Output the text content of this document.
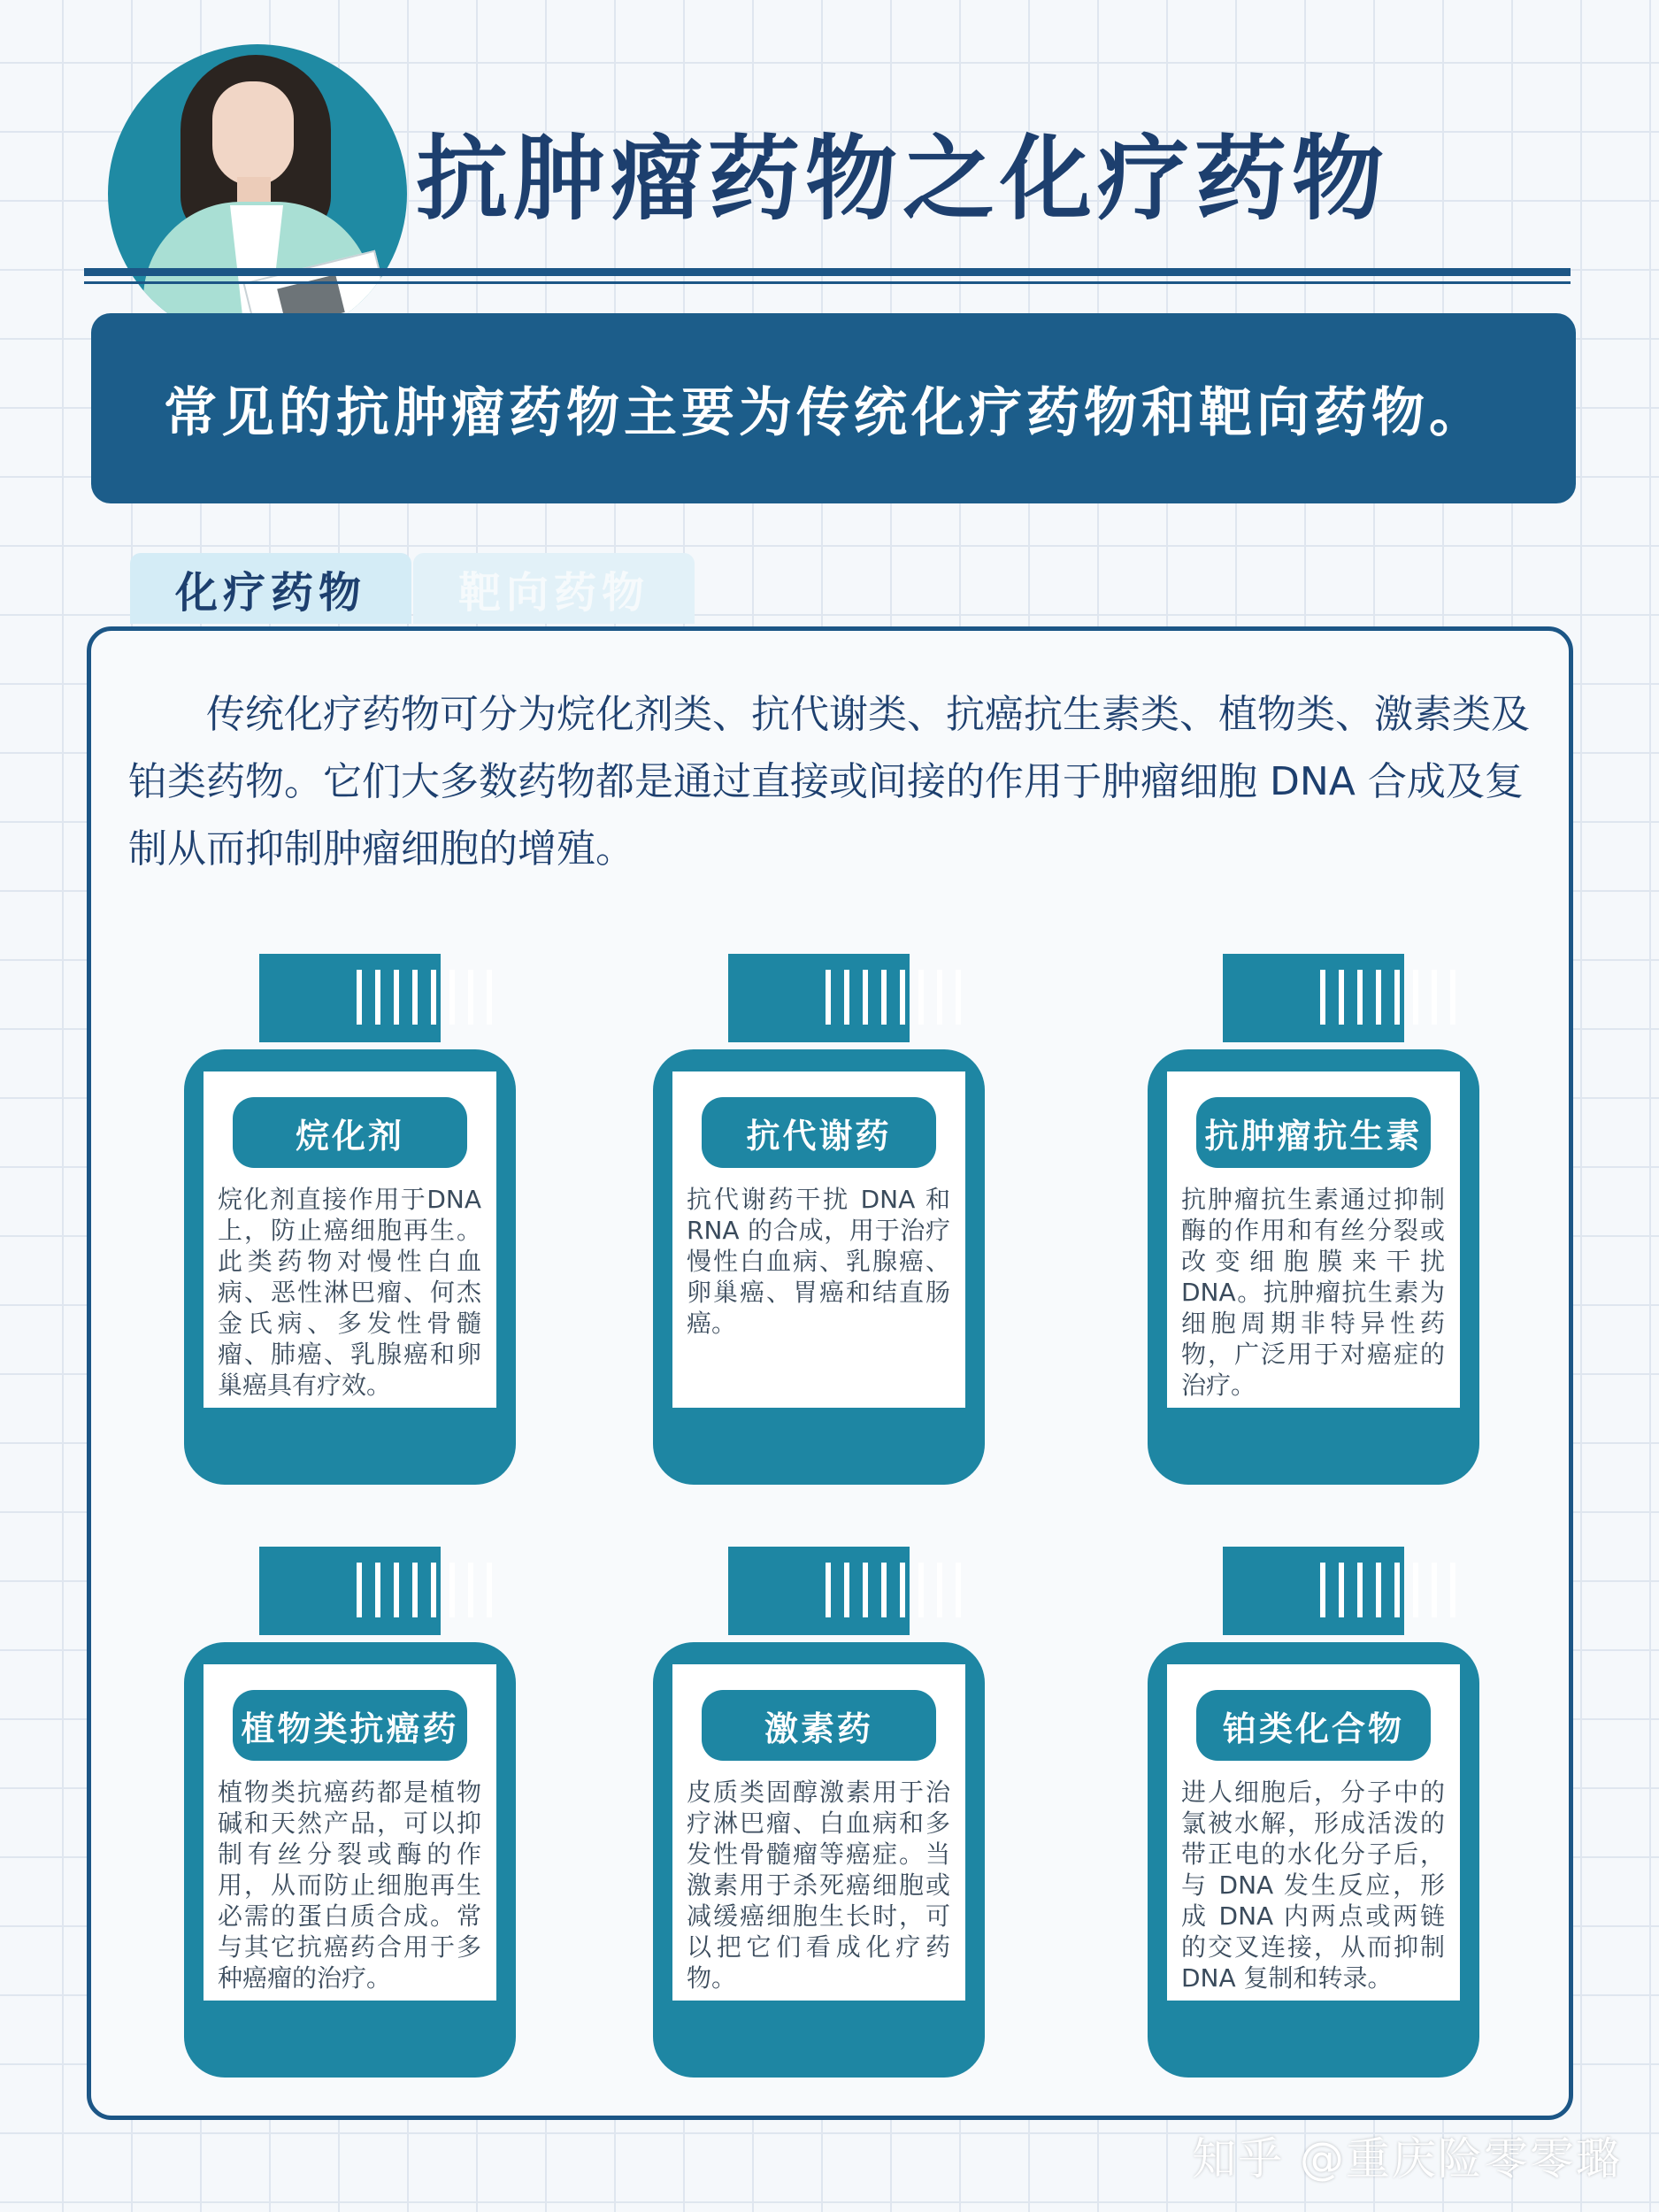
抗肿瘤药物之化疗药物
常见的抗肿瘤药物主要为传统化疗药物和靶向药物。
化疗药物	靶向药物

传统化疗药物可分为烷化剂类、抗代谢类、抗癌抗生素类、植物类、激素类及铂类药物。它们大多数药物都是通过直接或间接的作用于肿瘤细胞 DNA 合成及复制从而抑制肿瘤细胞的增殖。

烷化剂

烷化剂直接作用于DNA上，防止癌细胞再生。此类药物对慢性白血病、恶性淋巴瘤、何杰金氏病、多发性骨髓瘤、肺癌、乳腺癌和卵巢癌具有疗效。

抗代谢药

抗代谢药干扰 DNA 和RNA 的合成，用于治疗慢性白血病、乳腺癌、卵巢癌、胃癌和结直肠癌。

抗肿瘤抗生素

抗肿瘤抗生素通过抑制酶的作用和有丝分裂或改变细胞膜来干扰DNA。抗肿瘤抗生素为细胞周期非特异性药物，广泛用于对癌症的治疗。

植物类抗癌药

植物类抗癌药都是植物碱和天然产品，可以抑制有丝分裂或酶的作用，从而防止细胞再生必需的蛋白质合成。常与其它抗癌药合用于多种癌瘤的治疗。

激素药

皮质类固醇激素用于治疗淋巴瘤、白血病和多发性骨髓瘤等癌症。当激素用于杀死癌细胞或减缓癌细胞生长时，可以把它们看成化疗药物。

铂类化合物

进人细胞后，分子中的氯被水解，形成活泼的带正电的水化分子后，与 DNA 发生反应，形成 DNA 内两点或两链的交叉连接，从而抑制DNA 复制和转录。

知乎 @重庆险零零璐
